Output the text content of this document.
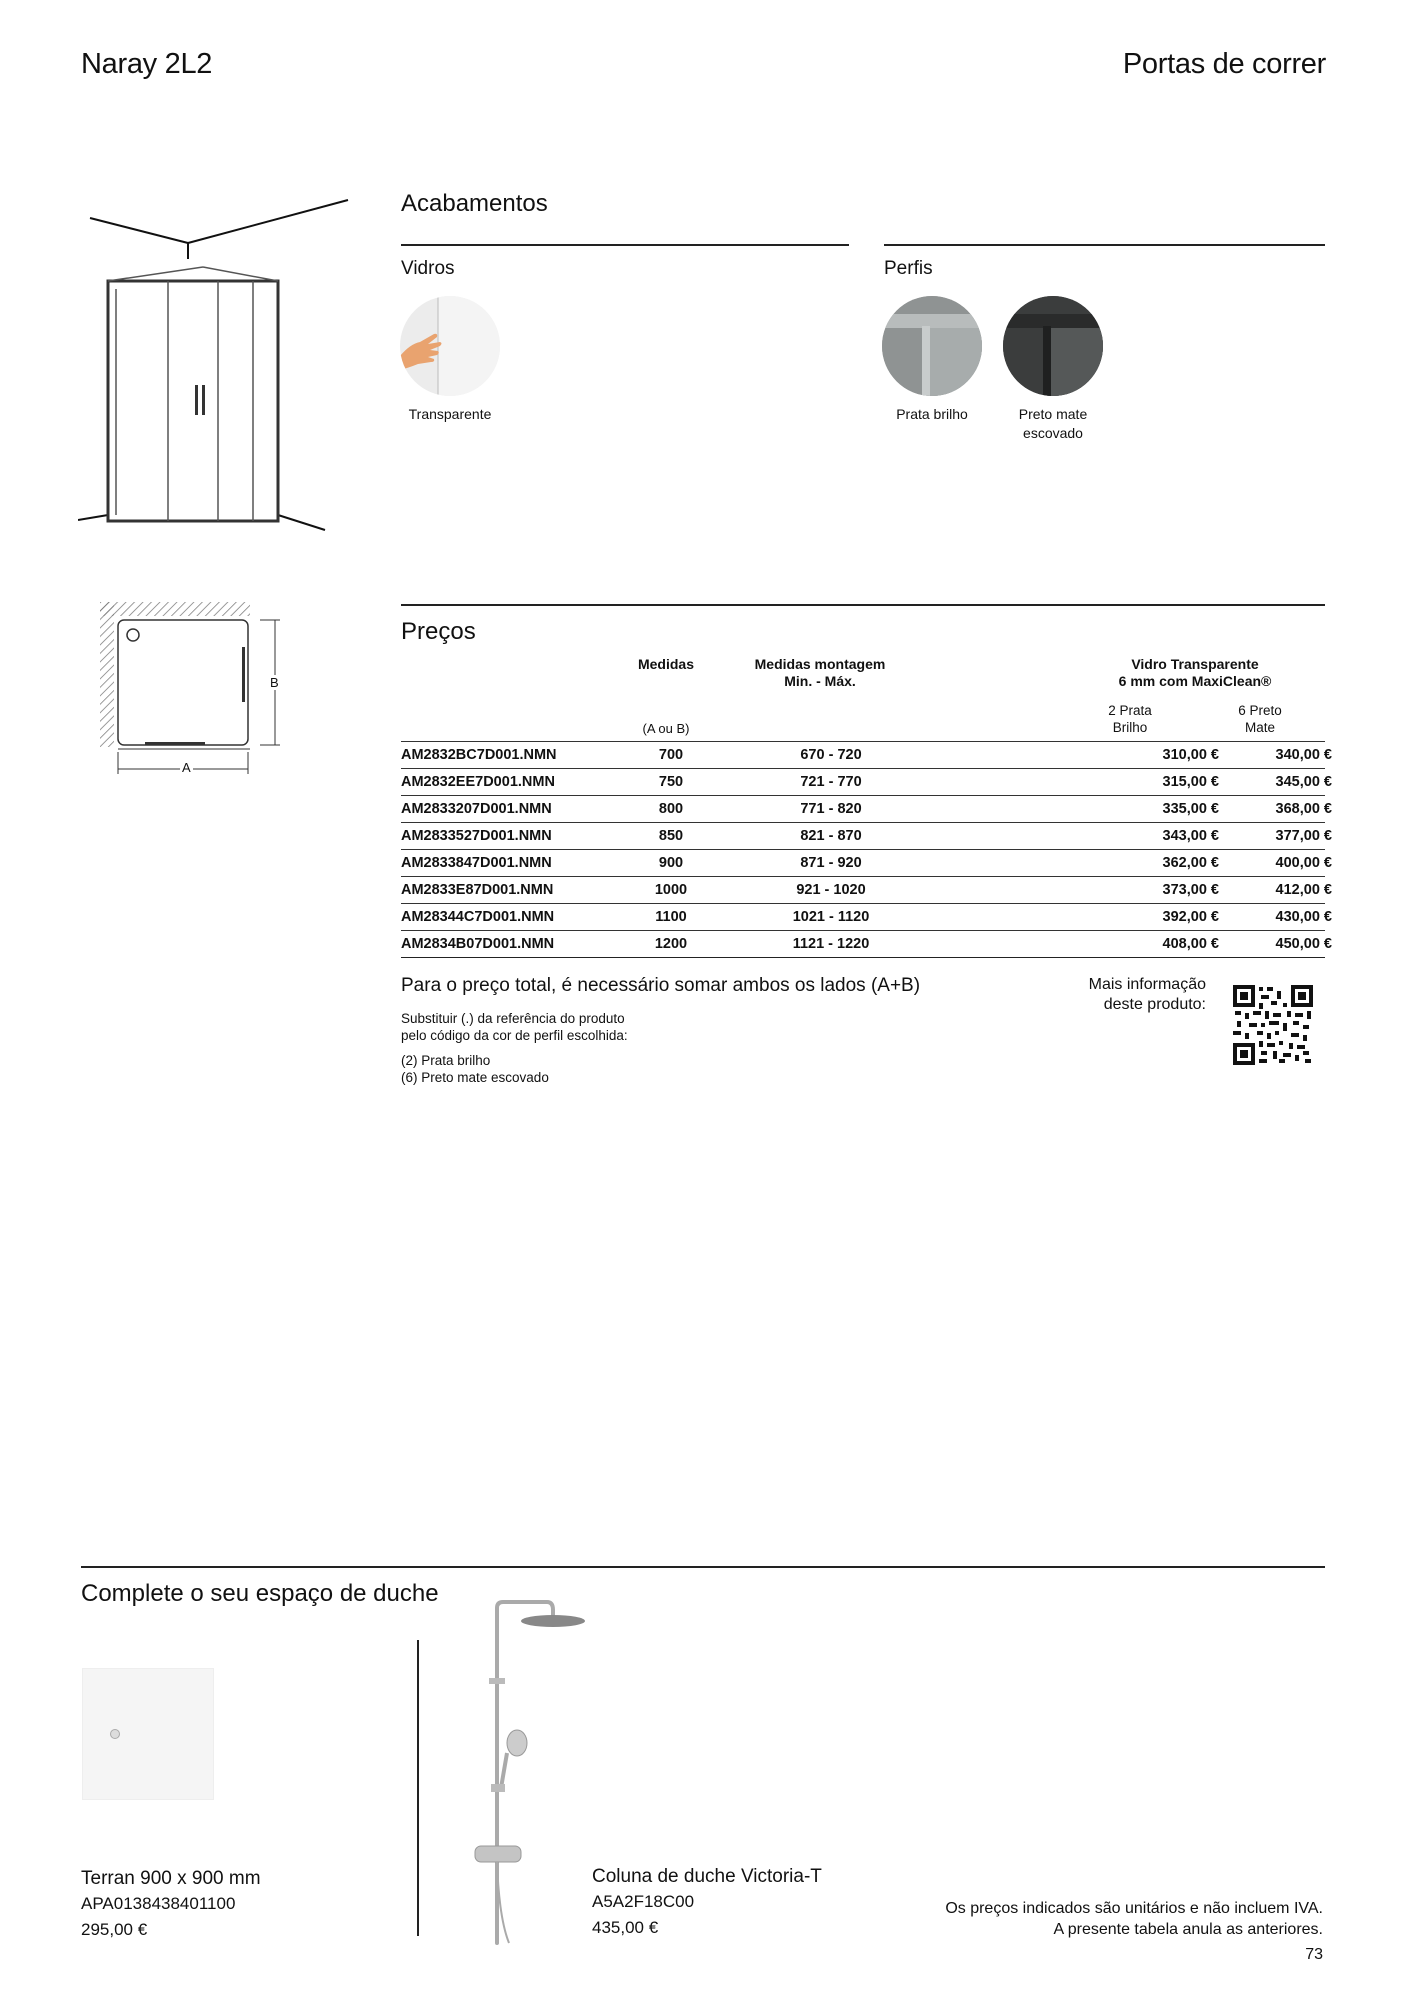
Naray 2L2	Portas de correr
Acabamentos
Vidros	Perfis
Transparente	Prata brilho	Preto mate
escovado
B
A
Preços
Medidas
(A ou B)
Medidas montagem
Min. - Máx.
Vidro Transparente
6 mm com MaxiClean®
2 Prata
Brilho
6 Preto
Mate
AM2832BC7D001.NMN	700	670 - 720	310,00 €	340,00 €
AM2832EE7D001.NMN	750	721 - 770	315,00 €	345,00 €
AM2833207D001.NMN	800	771 - 820	335,00 €	368,00 €
AM2833527D001.NMN	850	821 - 870	343,00 €	377,00 €
AM2833847D001.NMN	900	871 - 920	362,00 €	400,00 €
AM2833E87D001.NMN	1000	921 - 1020	373,00 €	412,00 €
AM28344C7D001.NMN	1100	1021 - 1120	392,00 €	430,00 €
AM2834B07D001.NMN	1200	1121 - 1220	408,00 €	450,00 €
Para o preço total, é necessário somar ambos os lados (A+B)
Substituir (.) da referência do produto
pelo código da cor de perfil escolhida:
(2) Prata brilho
(6) Preto mate escovado
Mais informação
deste produto:
Complete o seu espaço de duche
Terran 900 x 900 mm
APA0138438401100
295,00 €
Coluna de duche Victoria-T
A5A2F18C00
435,00 €
Os preços indicados são unitários e não incluem IVA.
A presente tabela anula as anteriores.
73
